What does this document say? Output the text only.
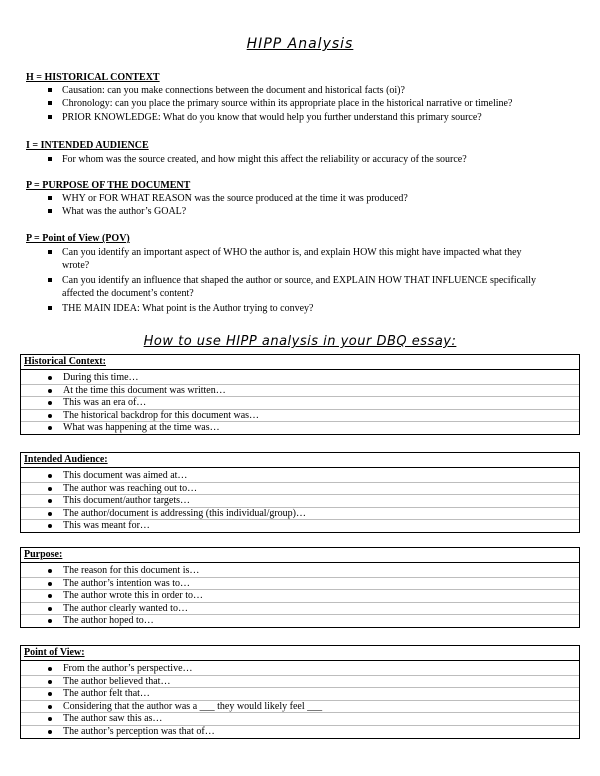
HIPP Analysis
H = HISTORICAL CONTEXT
Causation: can you make connections between the document and historical facts (oi)?
Chronology: can you place the primary source within its appropriate place in the historical narrative or timeline?
PRIOR KNOWLEDGE: What do you know that would help you further understand this primary source?
I = INTENDED AUDIENCE
For whom was the source created, and how might this affect the reliability or accuracy of the source?
P = PURPOSE OF THE DOCUMENT
WHY or FOR WHAT REASON was the source produced at the time it was produced?
What was the author’s GOAL?
P = Point of View (POV)
Can you identify an important aspect of WHO the author is, and explain HOW this might have impacted what they wrote?
Can you identify an influence that shaped the author or source, and EXPLAIN HOW THAT INFLUENCE specifically affected the document’s content?
THE MAIN IDEA: What point is the Author trying to convey?
How to use HIPP analysis in your DBQ essay:
Historical Context:
During this time…
At the time this document was written…
This was an era of…
The historical backdrop for this document was…
What was happening at the time was…
Intended Audience:
This document was aimed at…
The author was reaching out to…
This document/author targets…
The author/document is addressing (this individual/group)…
This was meant for…
Purpose:
The reason for this document is…
The author’s intention was to…
The author wrote this in order to…
The author clearly wanted to…
The author hoped to…
Point of View:
From the author’s perspective…
The author believed that…
The author felt that…
Considering that the author was a ___ they would likely feel ___
The author saw this as…
The author’s perception was that of…
